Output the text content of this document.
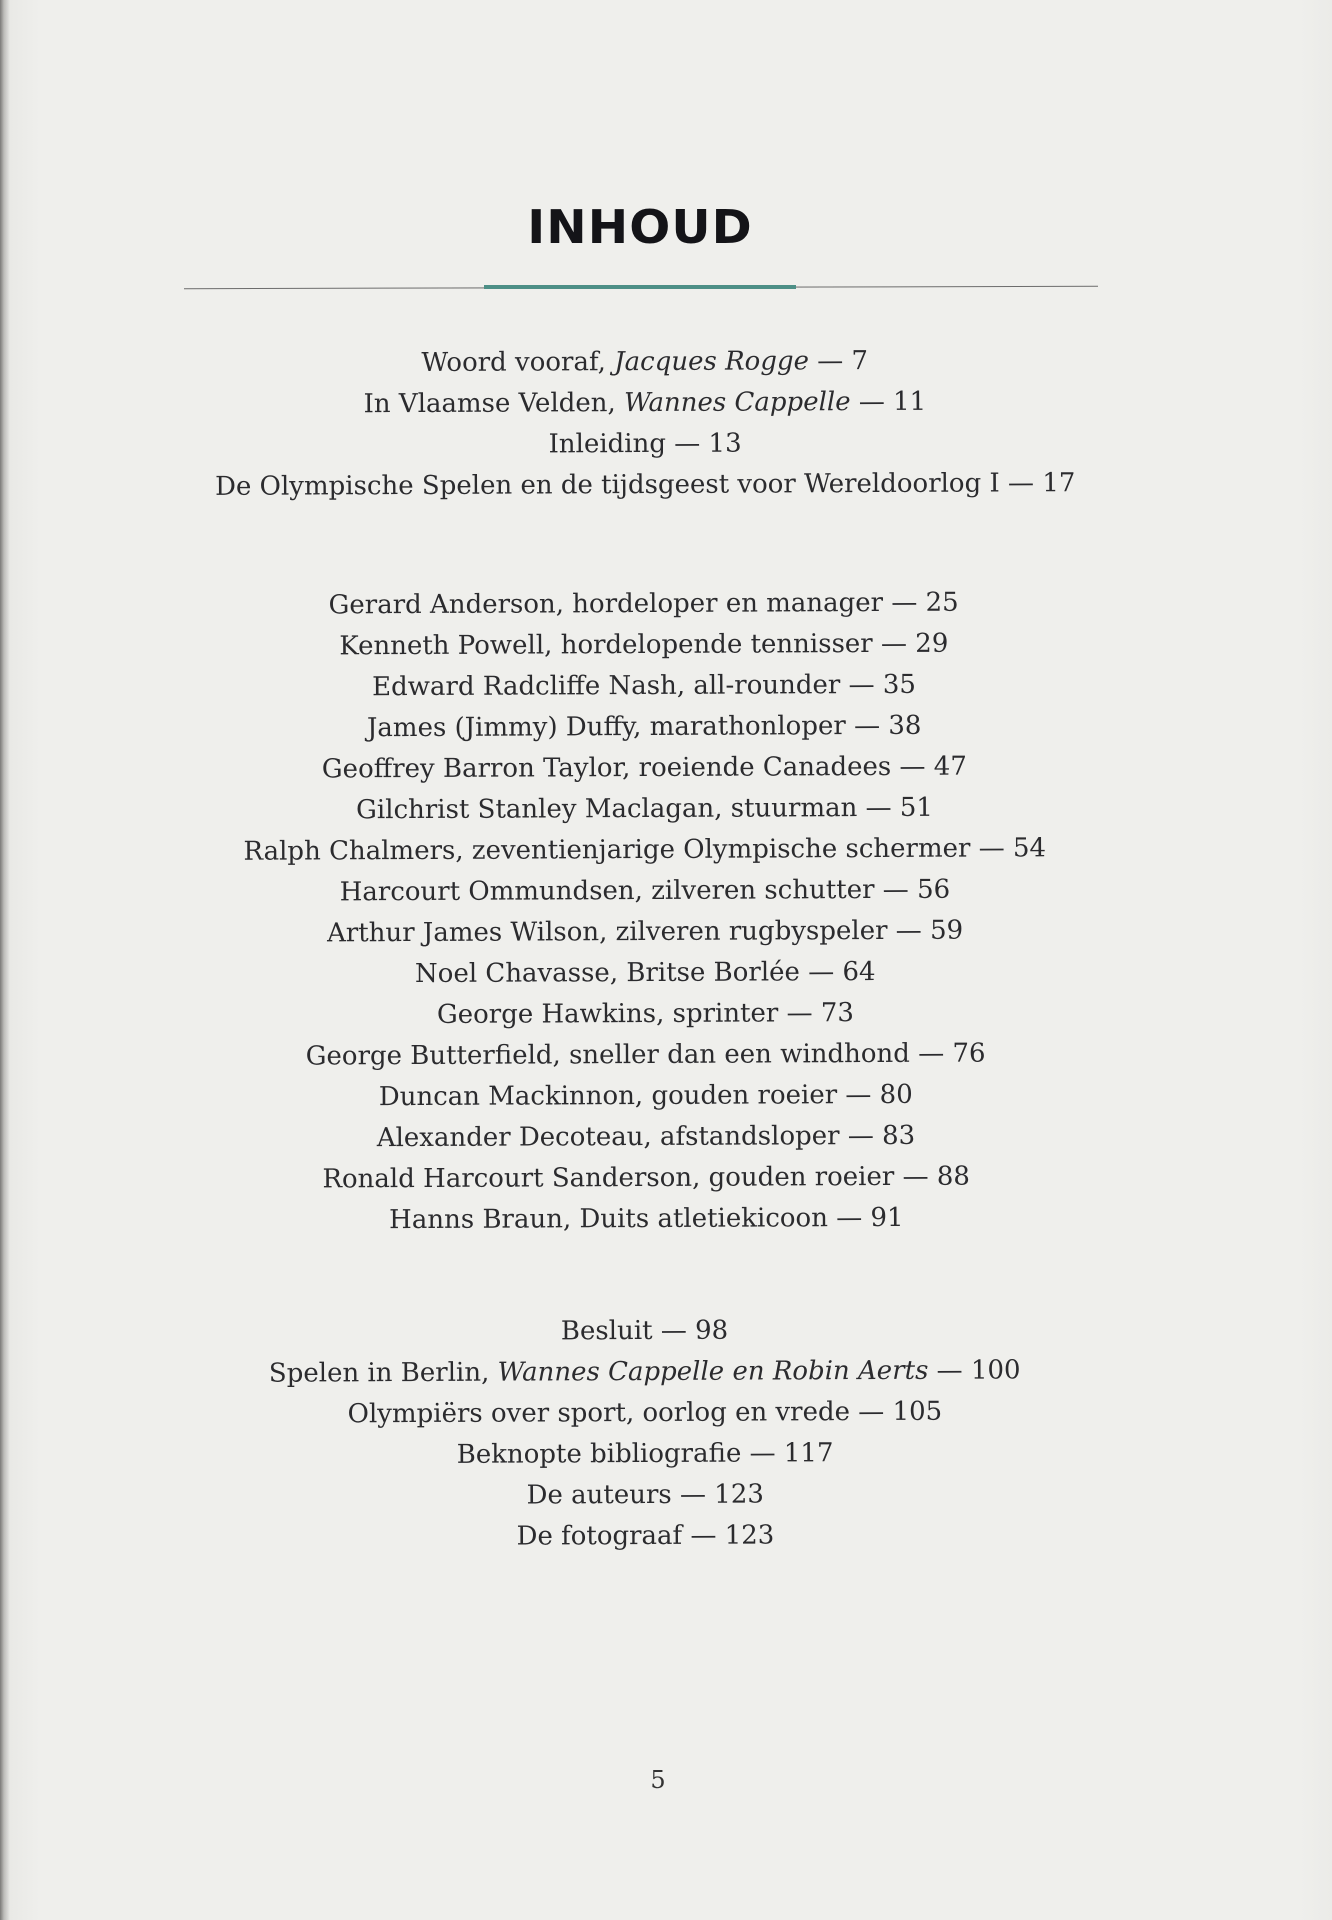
INHOUD
Woord vooraf, Jacques Rogge — 7
In Vlaamse Velden, Wannes Cappelle — 11
Inleiding — 13
De Olympische Spelen en de tijdsgeest voor Wereldoorlog I — 17
Gerard Anderson, hordeloper en manager — 25
Kenneth Powell, hordelopende tennisser — 29
Edward Radcliffe Nash, all-rounder — 35
James (Jimmy) Duffy, marathonloper — 38
Geoffrey Barron Taylor, roeiende Canadees — 47
Gilchrist Stanley Maclagan, stuurman — 51
Ralph Chalmers, zeventienjarige Olympische schermer — 54
Harcourt Ommundsen, zilveren schutter — 56
Arthur James Wilson, zilveren rugbyspeler — 59
Noel Chavasse, Britse Borlée — 64
George Hawkins, sprinter — 73
George Butterfield, sneller dan een windhond — 76
Duncan Mackinnon, gouden roeier — 80
Alexander Decoteau, afstandsloper — 83
Ronald Harcourt Sanderson, gouden roeier — 88
Hanns Braun, Duits atletiekicoon — 91
Besluit — 98
Spelen in Berlin, Wannes Cappelle en Robin Aerts — 100
Olympiërs over sport, oorlog en vrede — 105
Beknopte bibliografie — 117
De auteurs — 123
De fotograaf — 123
5
